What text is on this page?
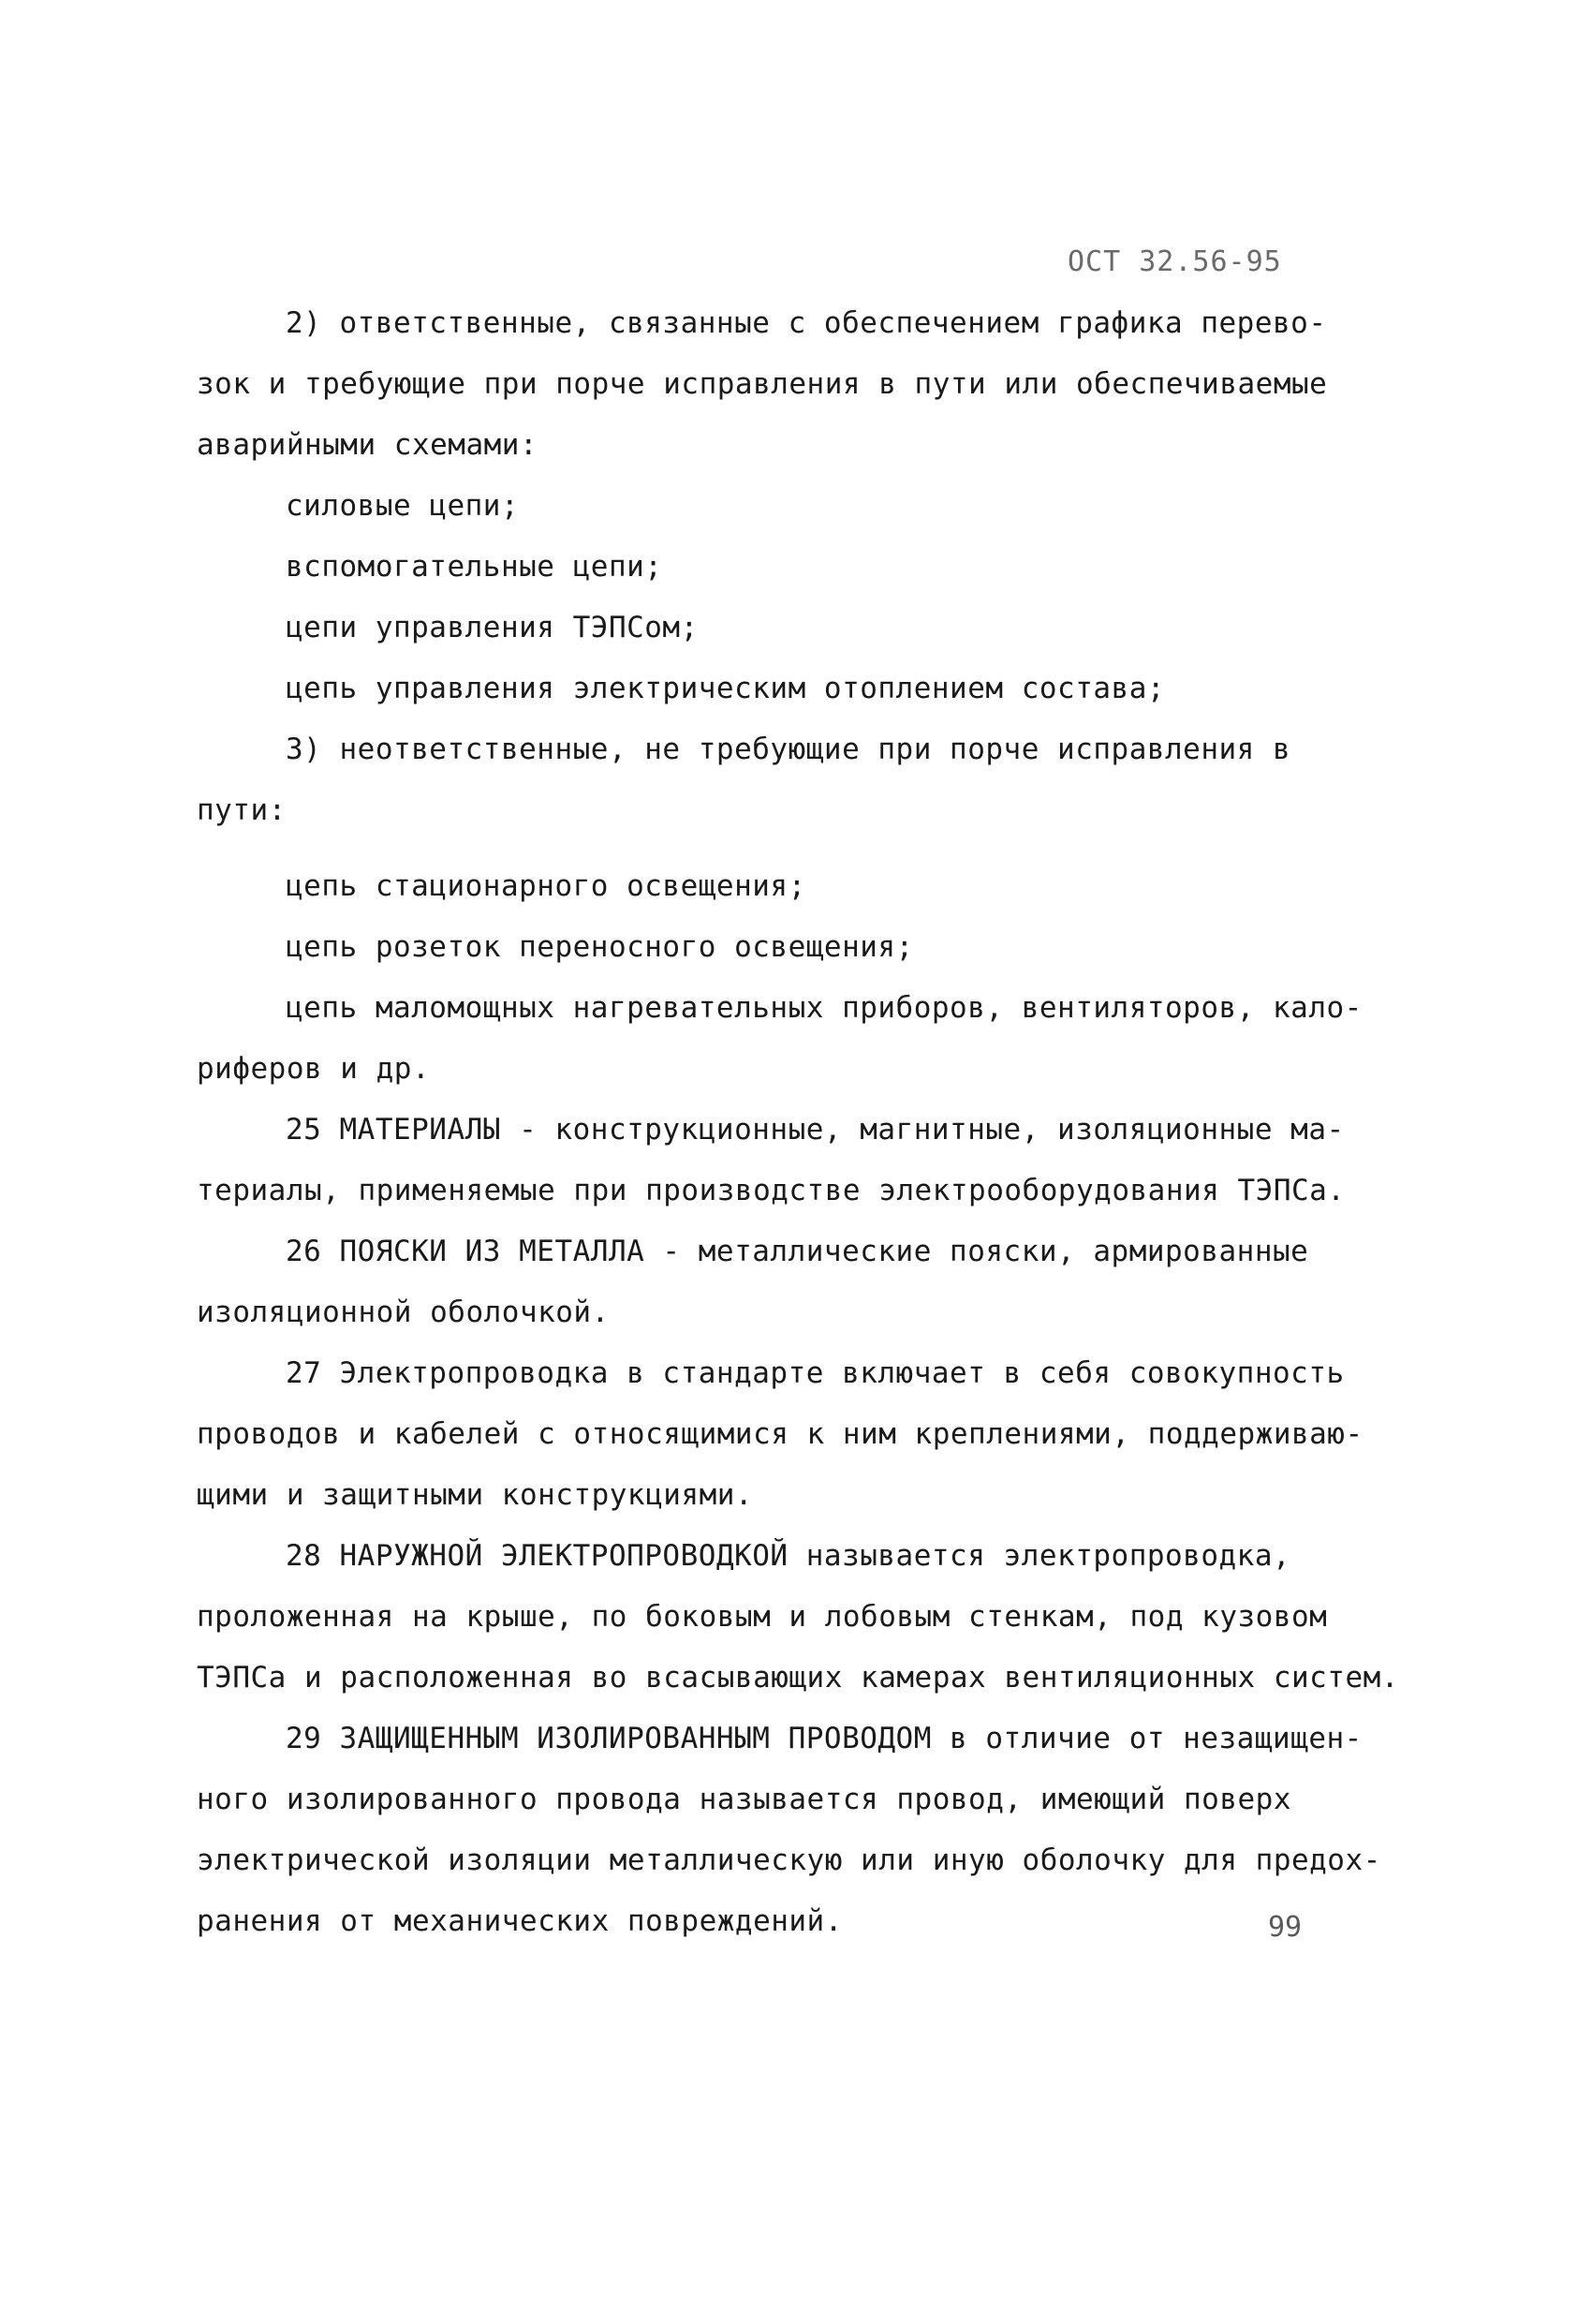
ОСТ 32.56-95
2) ответственные, связанные с обеспечением графика перево-
зок и требующие при порче исправления в пути или обеспечиваемые
аварийными схемами:
силовые цепи;
вспомогательные цепи;
цепи управления ТЭПСом;
цепь управления электрическим отоплением состава;
3) неответственные, не требующие при порче исправления в
пути:
цепь стационарного освещения;
цепь розеток переносного освещения;
цепь маломощных нагревательных приборов, вентиляторов, кало-
риферов и др.
25 МАТЕРИАЛЫ - конструкционные, магнитные, изоляционные ма-
териалы, применяемые при производстве электрооборудования ТЭПСа.
26 ПОЯСКИ ИЗ МЕТАЛЛА - металлические пояски, армированные
изоляционной оболочкой.
27 Электропроводка в стандарте включает в себя совокупность
проводов и кабелей с относящимися к ним креплениями, поддерживаю-
щими и защитными конструкциями.
28 НАРУЖНОЙ ЭЛЕКТРОПРОВОДКОЙ называется электропроводка,
проложенная на крыше, по боковым и лобовым стенкам, под кузовом
ТЭПСа и расположенная во всасывающих камерах вентиляционных систем.
29 ЗАЩИЩЕННЫМ ИЗОЛИРОВАННЫМ ПРОВОДОМ в отличие от незащищен-
ного изолированного провода называется провод, имеющий поверх
электрической изоляции металлическую или иную оболочку для предох-
ранения от механических повреждений.	99
